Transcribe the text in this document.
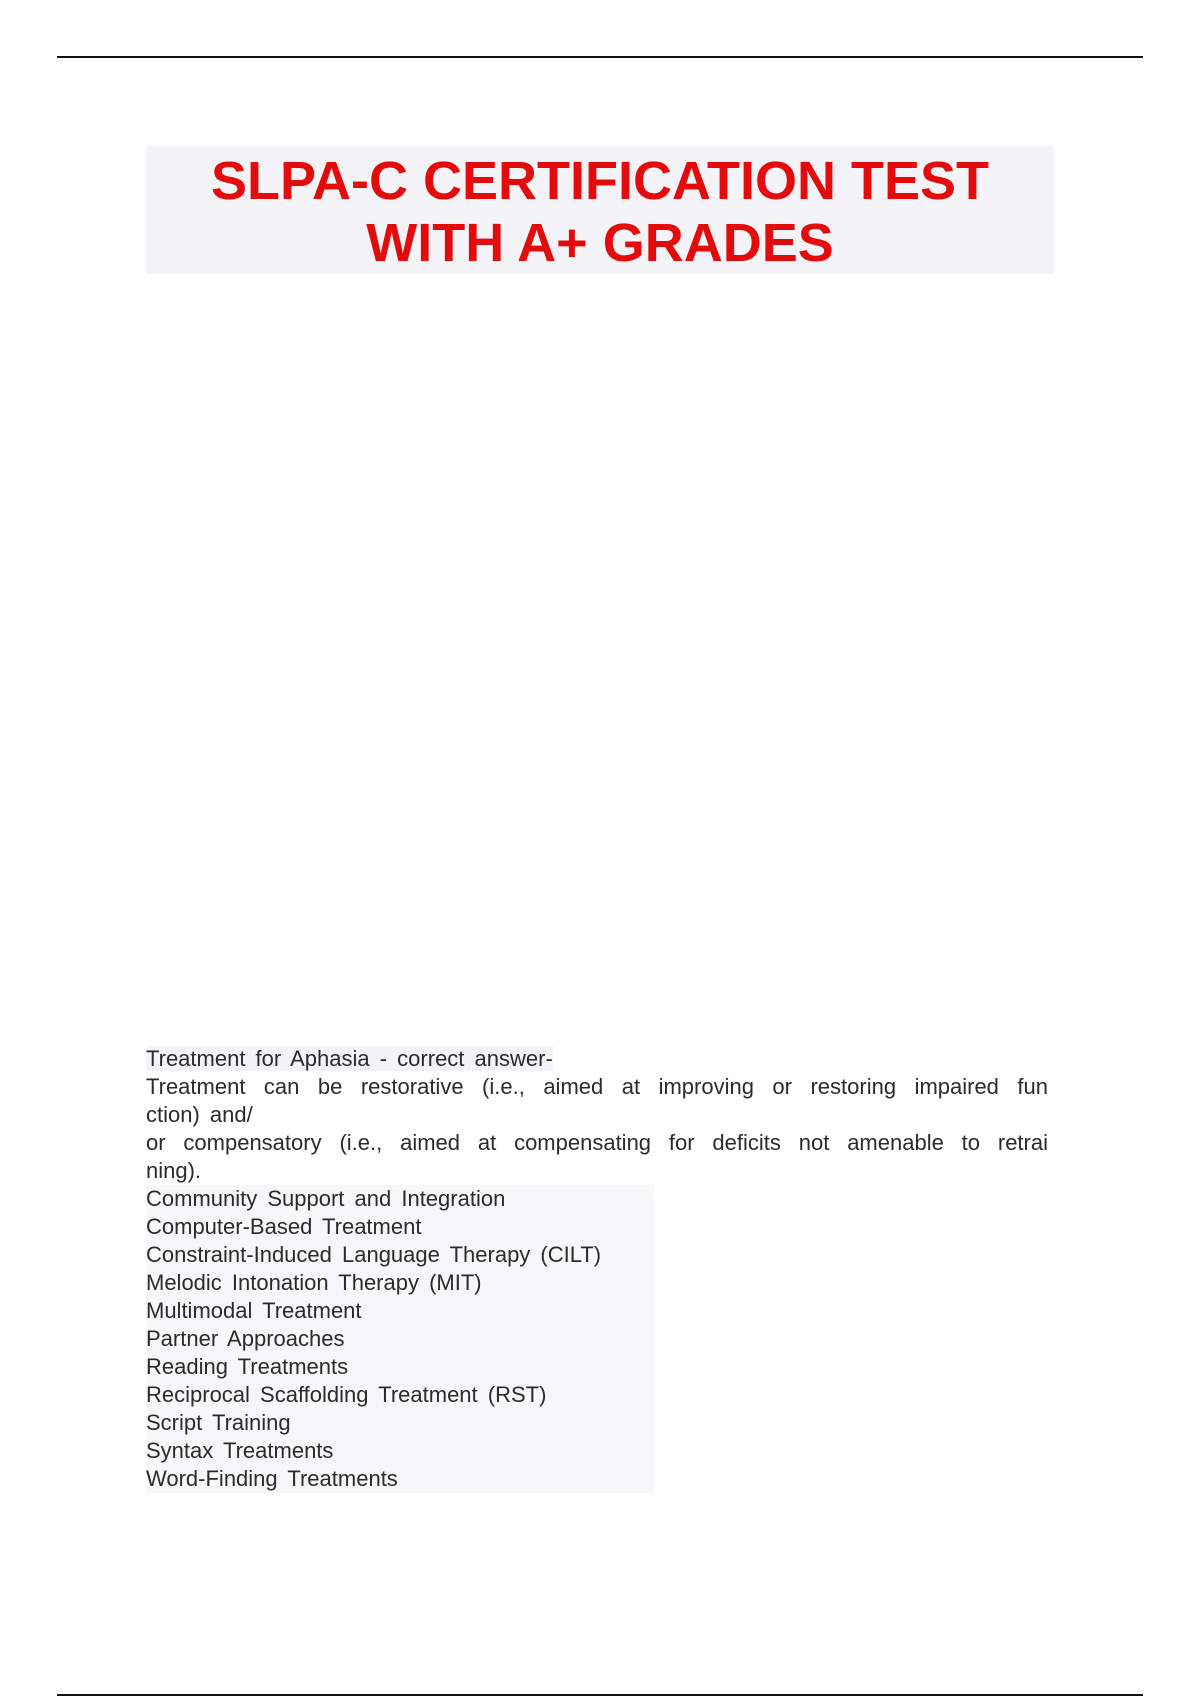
SLPA-C CERTIFICATION TEST
WITH A+ GRADES
Treatment for Aphasia - correct answer-
Treatment can be restorative (i.e., aimed at improving or restoring impaired fun
ction) and/
or compensatory (i.e., aimed at compensating for deficits not amenable to retrai
ning).
Community Support and Integration
Computer-Based Treatment
Constraint-Induced Language Therapy (CILT)
Melodic Intonation Therapy (MIT)
Multimodal Treatment
Partner Approaches
Reading Treatments
Reciprocal Scaffolding Treatment (RST)
Script Training
Syntax Treatments
Word-Finding Treatments
